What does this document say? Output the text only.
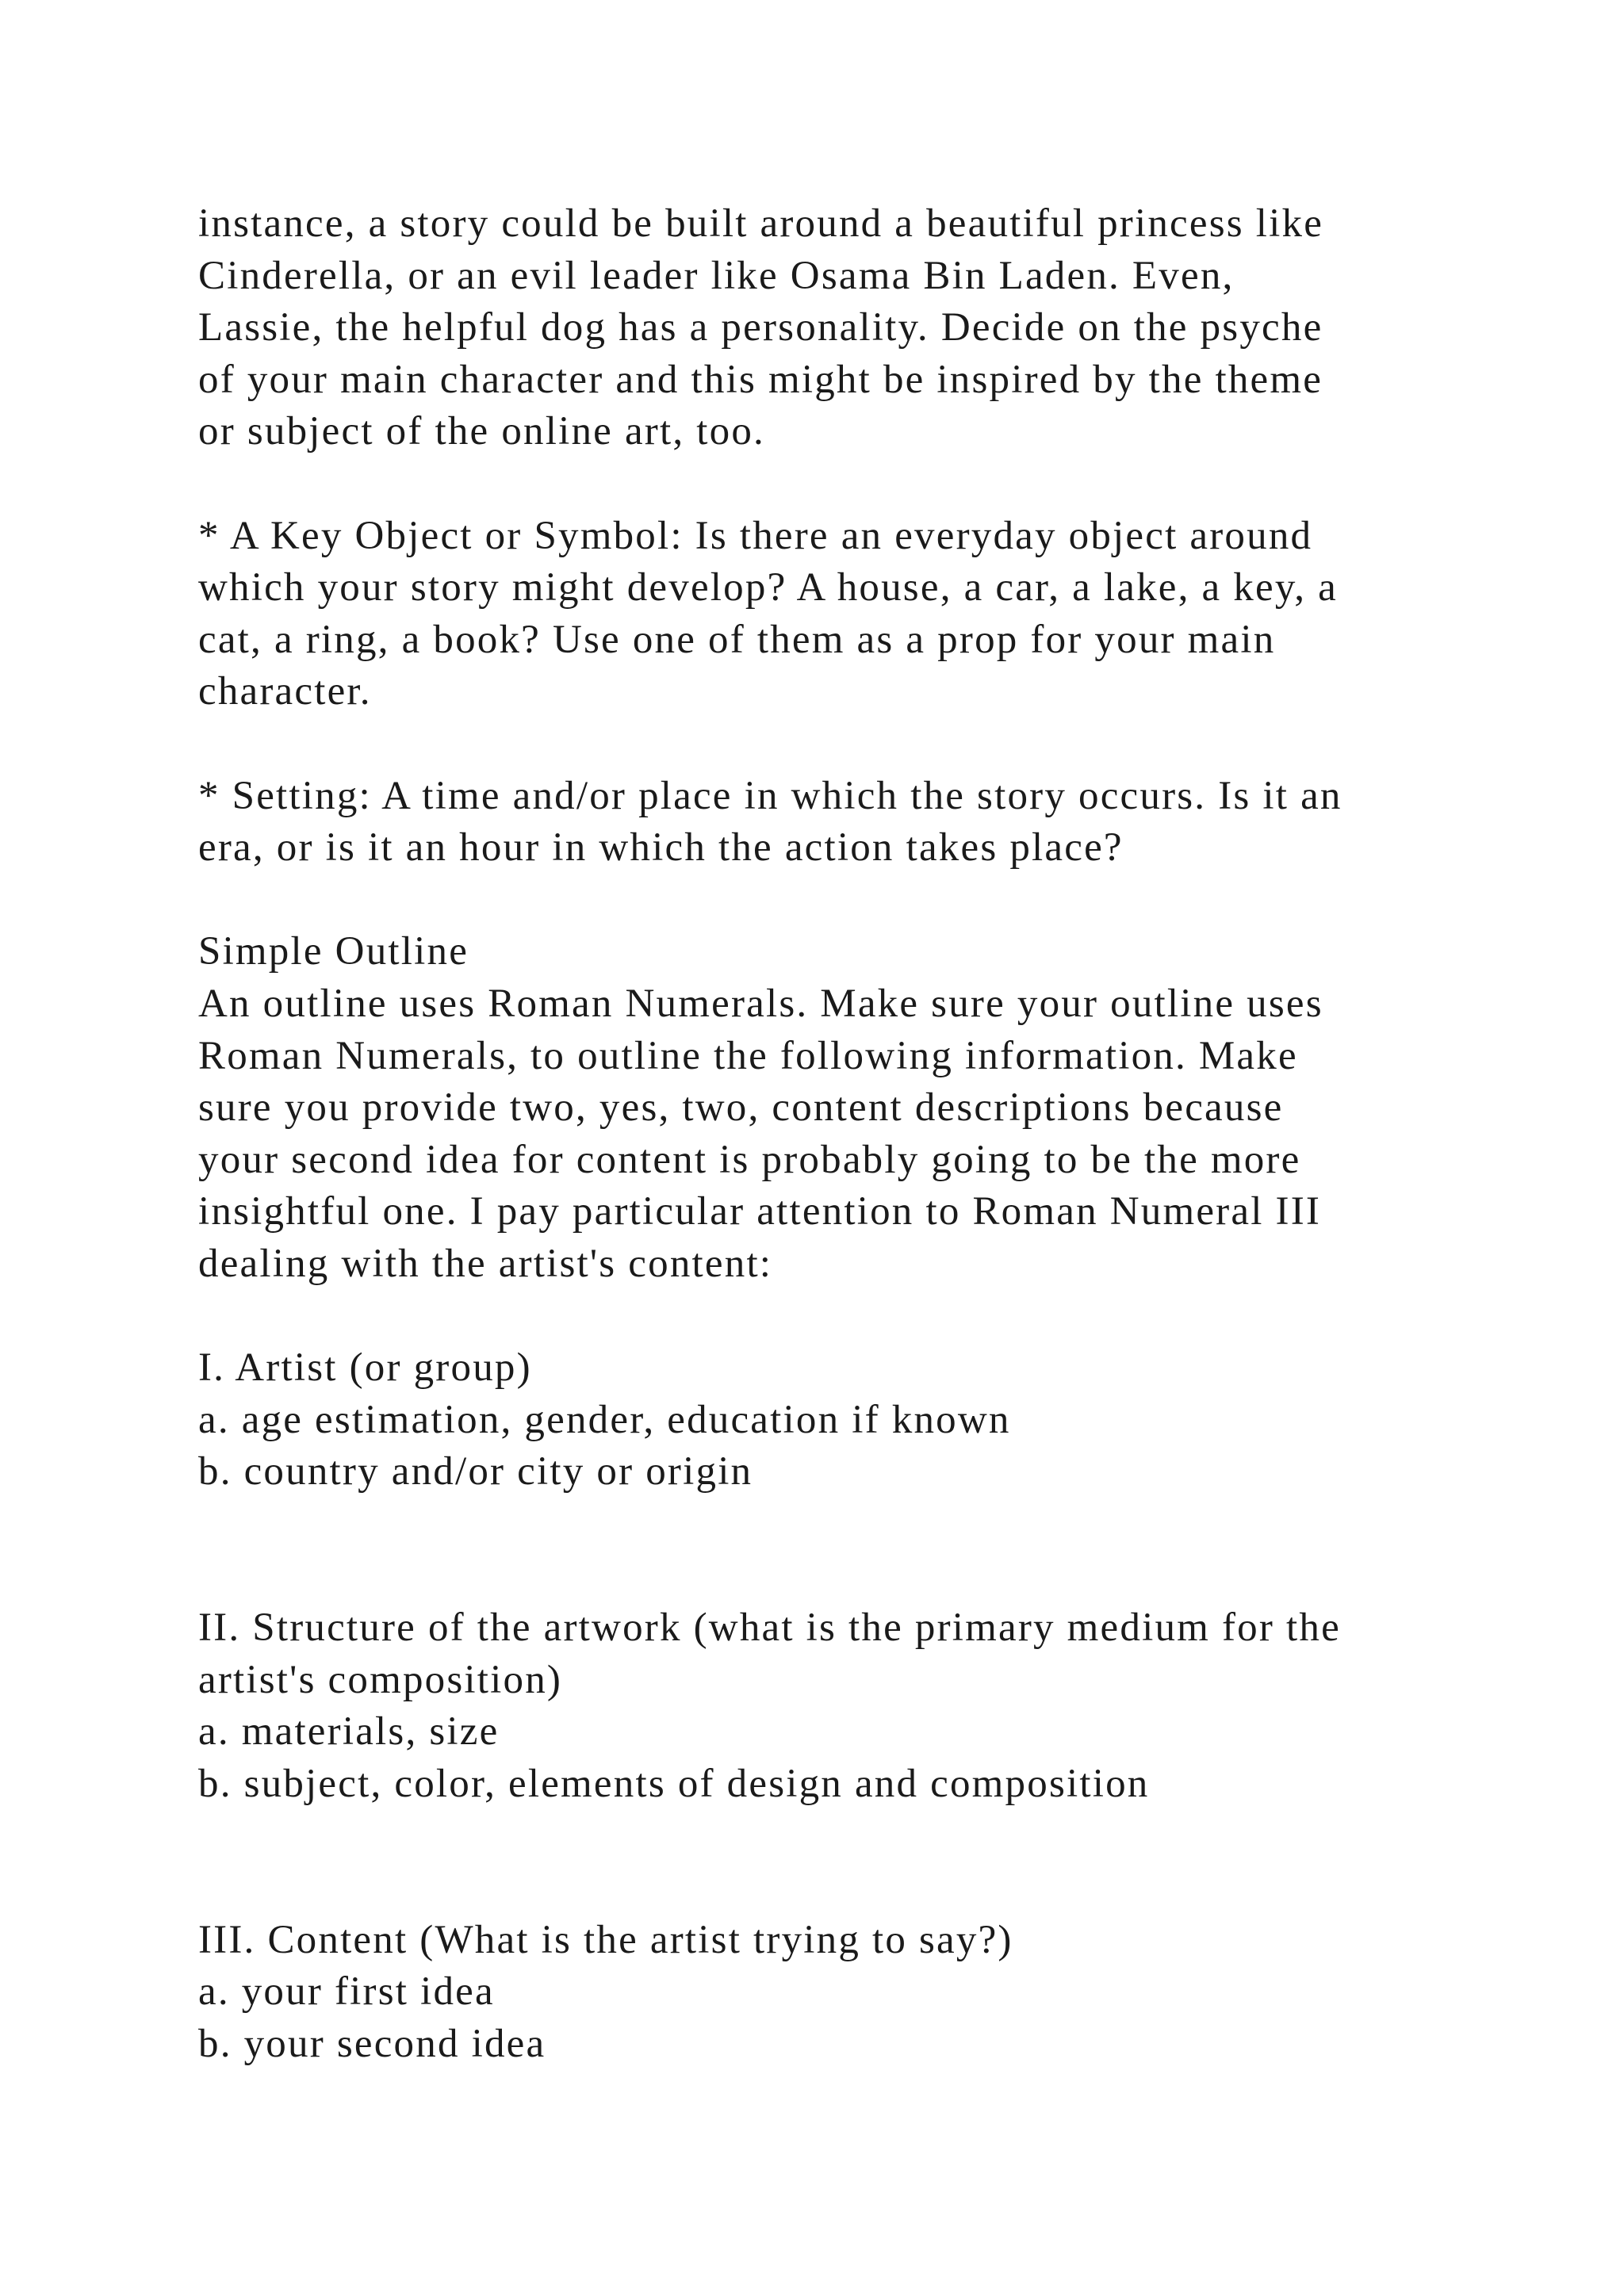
instance, a story could be built around a beautiful princess like
Cinderella, or an evil leader like Osama Bin Laden. Even,
Lassie, the helpful dog has a personality. Decide on the psyche
of your main character and this might be inspired by the theme
or subject of the online art, too.
* A Key Object or Symbol: Is there an everyday object around
which your story might develop? A house, a car, a lake, a key, a
cat, a ring, a book? Use one of them as a prop for your main
character.
* Setting: A time and/or place in which the story occurs. Is it an
era, or is it an hour in which the action takes place?
Simple Outline
An outline uses Roman Numerals. Make sure your outline uses
Roman Numerals, to outline the following information. Make
sure you provide two, yes, two, content descriptions because
your second idea for content is probably going to be the more
insightful one. I pay particular attention to Roman Numeral III
dealing with the artist's content:
I. Artist (or group)
a. age estimation, gender, education if known
b. country and/or city or origin
II. Structure of the artwork (what is the primary medium for the
artist's composition)
a. materials, size
b. subject, color, elements of design and composition
III. Content (What is the artist trying to say?)
a. your first idea
b. your second idea
